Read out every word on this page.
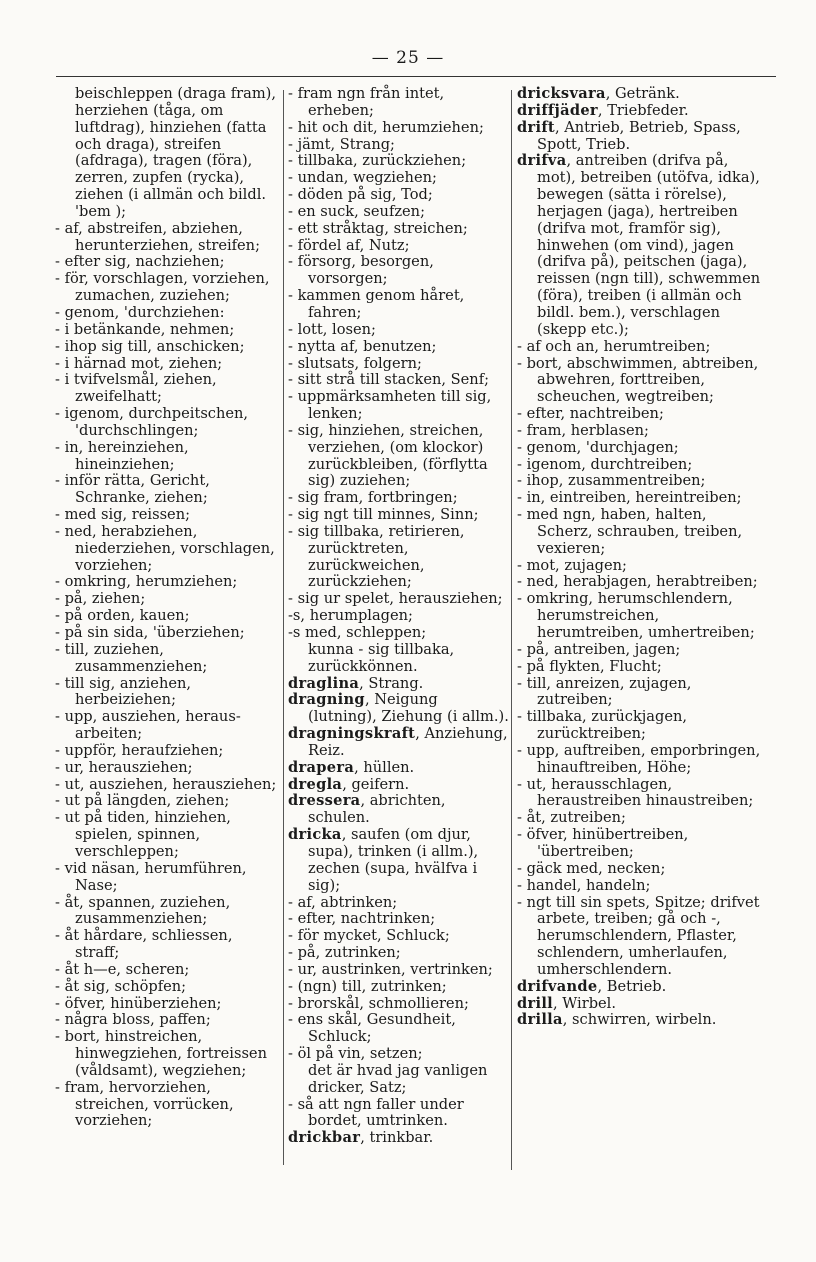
— 25 —
beischleppen (draga fram), herziehen (tåga, om luftdrag), hinziehen (fatta och draga), streifen (afdraga), tragen (föra), zerren, zupfen (rycka), ziehen (i allmän och bildl. 'bem );
- af, abstreifen, abziehen, herunterziehen, streifen;
- efter sig, nachziehen;
- för, vorschlagen, vorziehen, zumachen, zuziehen;
- genom, 'durchziehen:
- i betänkande, nehmen;
- ihop sig till, anschicken;
- i härnad mot, ziehen;
- i tvifvelsmål, ziehen, zweifelhatt;
- igenom, durchpeitschen, 'durchschlingen;
- in, hereinziehen, hineinziehen;
- inför rätta, Gericht, Schranke, ziehen;
- med sig, reissen;
- ned, herabziehen, niederziehen, vorschlagen, vorziehen;
- omkring, herumziehen;
- på, ziehen;
- på orden, kauen;
- på sin sida, 'überziehen;
- till, zuziehen, zusammenziehen;
- till sig, anziehen, herbeiziehen;
- upp, ausziehen, heraus-arbeiten;
- uppför, heraufziehen;
- ur, herausziehen;
- ut, ausziehen, herausziehen;
- ut på längden, ziehen;
- ut på tiden, hinziehen, spielen, spinnen, verschleppen;
- vid näsan, herumführen, Nase;
- åt, spannen, zuziehen, zusammenziehen;
- åt hårdare, schliessen, straff;
- åt h—e, scheren;
- åt sig, schöpfen;
- öfver, hinüberziehen;
- några bloss, paffen;
- bort, hinstreichen, hinwegziehen, fortreissen (våldsamt), wegziehen;
- fram, hervorziehen, streichen, vorrücken, vorziehen;
- fram ngn från intet, erheben;
- hit och dit, herumziehen;
- jämt, Strang;
- tillbaka, zurückziehen;
- undan, wegziehen;
- döden på sig, Tod;
- en suck, seufzen;
- ett stråktag, streichen;
- fördel af, Nutz;
- försorg, besorgen, vorsorgen;
- kammen genom håret, fahren;
- lott, losen;
- nytta af, benutzen;
- slutsats, folgern;
- sitt strå till stacken, Senf;
- uppmärksamheten till sig, lenken;
- sig, hinziehen, streichen, verziehen, (om klockor) zurückbleiben, (förflytta sig) zuziehen;
- sig fram, fortbringen;
- sig ngt till minnes, Sinn;
- sig tillbaka, retirieren, zurücktreten, zurückweichen, zurückziehen;
- sig ur spelet, herausziehen;
-s, herumplagen;
-s med, schleppen;
kunna - sig tillbaka, zurückkönnen.
draglina, Strang.
dragning, Neigung (lutning), Ziehung (i allm.).
dragningskraft, Anziehung, Reiz.
drapera, hüllen.
dregla, geifern.
dressera, abrichten, schulen.
dricka, saufen (om djur, supa), trinken (i allm.), zechen (supa, hvälfva i sig);
- af, abtrinken;
- efter, nachtrinken;
- för mycket, Schluck;
- på, zutrinken;
- ur, austrinken, vertrinken;
- (ngn) till, zutrinken;
- brorskål, schmollieren;
- ens skål, Gesundheit, Schluck;
- öl på vin, setzen;
det är hvad jag vanligen dricker, Satz;
- så att ngn faller under bordet, umtrinken.
drickbar, trinkbar.
dricksvara, Getränk.
driffjäder, Triebfeder.
drift, Antrieb, Betrieb, Spass, Spott, Trieb.
drifva, antreiben (drifva på, mot), betreiben (utöfva, idka), bewegen (sätta i rörelse), herjagen (jaga), hertreiben (drifva mot, framför sig), hinwehen (om vind), jagen (drifva på), peitschen (jaga), reissen (ngn till), schwemmen (föra), treiben (i allmän och bildl. bem.), verschlagen (skepp etc.);
- af och an, herumtreiben;
- bort, abschwimmen, abtreiben, abwehren, forttreiben, scheuchen, wegtreiben;
- efter, nachtreiben;
- fram, herblasen;
- genom, 'durchjagen;
- igenom, durchtreiben;
- ihop, zusammentreiben;
- in, eintreiben, hereintreiben;
- med ngn, haben, halten, Scherz, schrauben, treiben, vexieren;
- mot, zujagen;
- ned, herabjagen, herabtreiben;
- omkring, herumschlendern, herumstreichen, herumtreiben, umhertreiben;
- på, antreiben, jagen;
- på flykten, Flucht;
- till, anreizen, zujagen, zutreiben;
- tillbaka, zurückjagen, zurücktreiben;
- upp, auftreiben, emporbringen, hinauftreiben, Höhe;
- ut, herausschlagen, heraustreiben hinaustreiben;
- åt, zutreiben;
- öfver, hinübertreiben, 'übertreiben;
- gäck med, necken;
- handel, handeln;
- ngt till sin spets, Spitze; drifvet arbete, treiben; gå och -, herumschlendern, Pflaster, schlendern, umherlaufen, umherschlendern.
drifvande, Betrieb.
drill, Wirbel.
drilla, schwirren, wirbeln.
